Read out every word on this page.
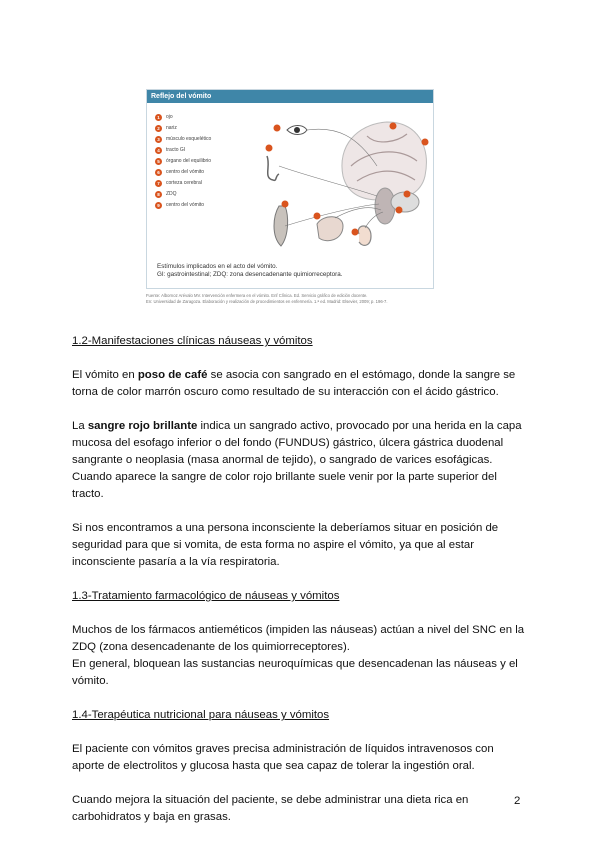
Reflejo del vómito
1	ojo
2	nariz
3	músculo esquelético
4	tracto GI
5	órgano del equilibrio
6	centro del vómito
7	corteza cerebral
8	ZDQ
9	centro del vómito
Estímulos implicados en el acto del vómito.
GI: gastrointestinal; ZDQ: zona desencadenante quimiorreceptora.
Fuente: Albornoz Arévalo MV. Intervención enfermera en el vómito. Enf Clínica. Ed. Servicio gráfico de edición docente.
En: Universidad de Zaragoza. Elaboración y realización de procedimientos en enfermería. 1.ª ed. Madrid: Elsevier, 2009; p. 196-7.
1.2-Manifestaciones clínicas náuseas y vómitos

El vómito en poso de café se asocia con sangrado en el estómago, donde la sangre se torna de color marrón oscuro como resultado de su interacción con el ácido gástrico.

La sangre rojo brillante indica un sangrado activo, provocado por una herida en la capa mucosa del esofago inferior o del fondo (FUNDUS) gástrico, úlcera gástrica duodenal sangrante o neoplasia (masa anormal de tejido), o sangrado de varices esofágicas.

Cuando aparece la sangre de color rojo brillante suele venir por la parte superior del tracto.

Si nos encontramos a una persona inconsciente la deberíamos situar en posición de seguridad para que si vomita, de esta forma no aspire el vómito, ya que al estar inconsciente pasaría a la vía respiratoria.

1.3-Tratamiento farmacológico de náuseas y vómitos

Muchos de los fármacos antieméticos (impiden las náuseas) actúan a nivel del SNC en la ZDQ (zona desencadenante de los quimiorreceptores).

En general, bloquean las sustancias neuroquímicas que desencadenan las náuseas y el vómito.

1.4-Terapéutica nutricional para náuseas y vómitos

El paciente con vómitos graves precisa administración de líquidos intravenosos con aporte de electrolitos y glucosa hasta que sea capaz de tolerar la ingestión oral.

Cuando mejora la situación del paciente, se debe administrar una dieta rica en carbohidratos y baja en grasas.

2
